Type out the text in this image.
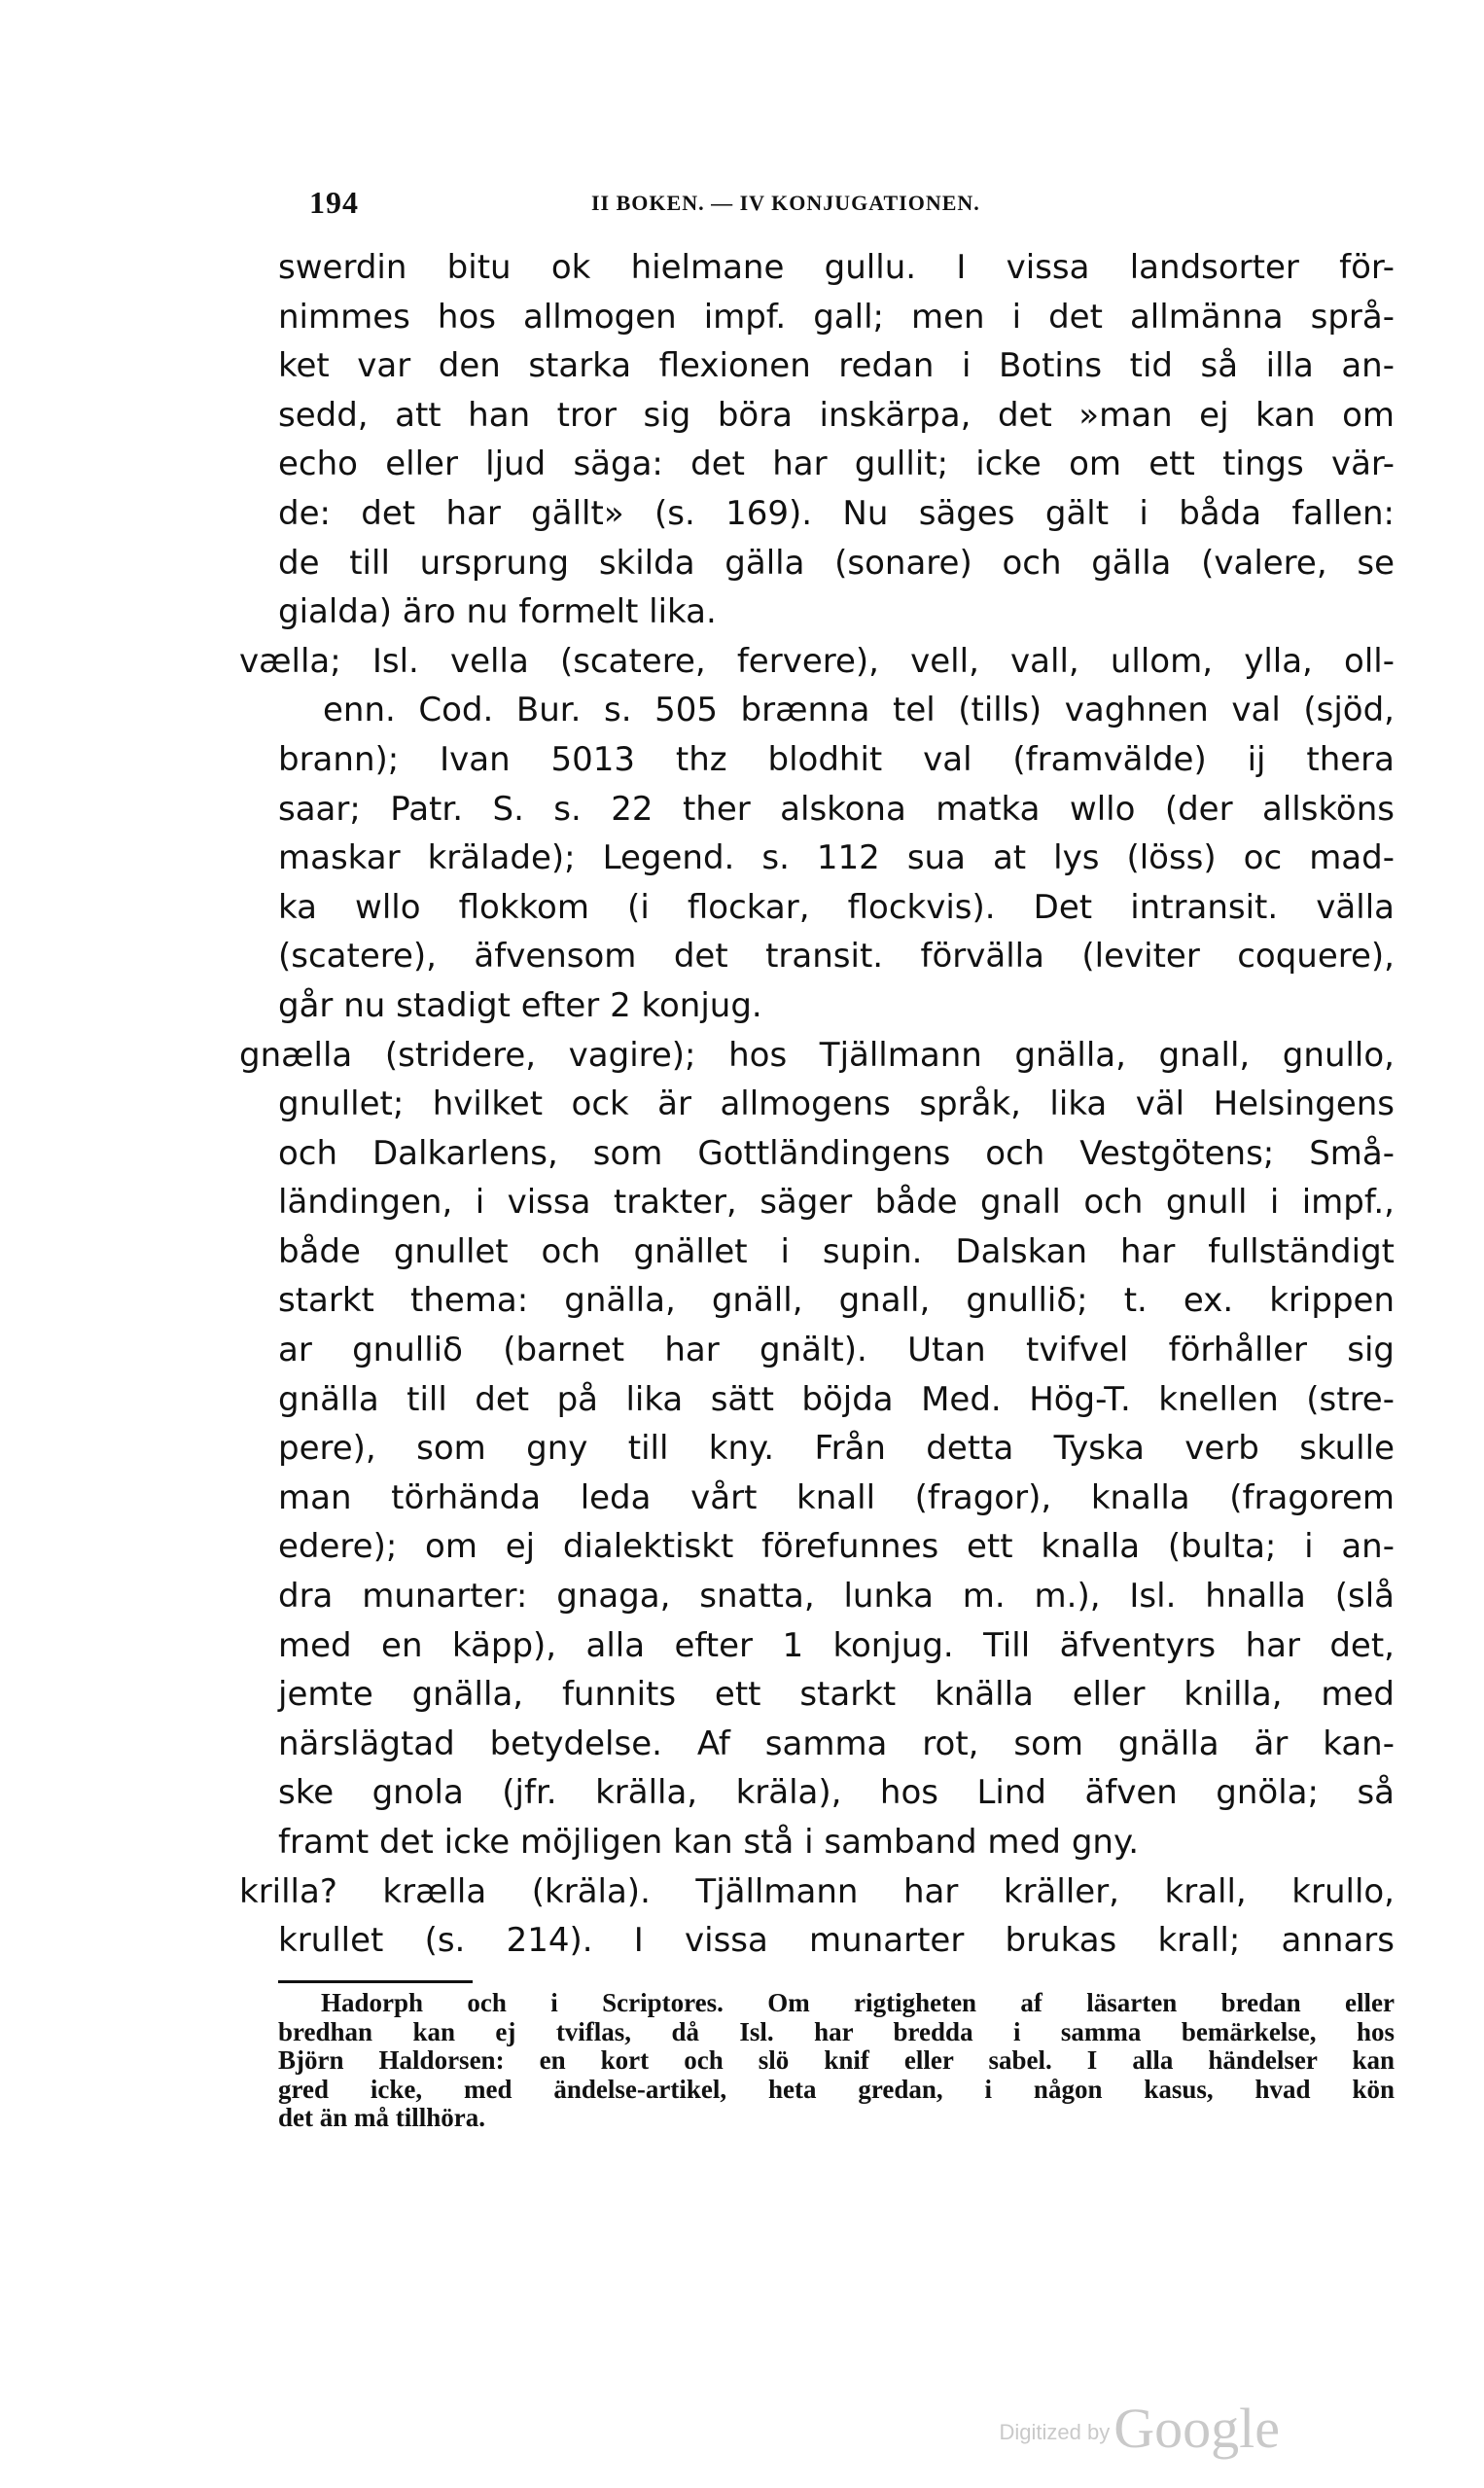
194	II BOKEN. — IV KONJUGATIONEN.
swerdin bitu ok hielmane gullu. I vissa landsorter för-
nimmes hos allmogen impf. gall; men i det allmänna språ-
ket var den starka flexionen redan i Botins tid så illa an-
sedd, att han tror sig böra inskärpa, det »man ej kan om
echo eller ljud säga: det har gullit; icke om ett tings vär-
de: det har gällt» (s. 169). Nu säges gält i båda fallen:
de till ursprung skilda gälla (sonare) och gälla (valere, se
gialda) äro nu formelt lika.
vælla; Isl. vella (scatere, fervere), vell, vall, ullom, ylla, oll-
enn. Cod. Bur. s. 505 brænna tel (tills) vaghnen val (sjöd,
brann); Ivan 5013 thz blodhit val (framvälde) ij thera
saar; Patr. S. s. 22 ther alskona matka wllo (der allsköns
maskar krälade); Legend. s. 112 sua at lys (löss) oc mad-
ka wllo flokkom (i flockar, flockvis). Det intransit. välla
(scatere), äfvensom det transit. förvälla (leviter coquere),
går nu stadigt efter 2 konjug.
gnælla (stridere, vagire); hos Tjällmann gnälla, gnall, gnullo,
gnullet; hvilket ock är allmogens språk, lika väl Helsingens
och Dalkarlens, som Gottländingens och Vestgötens; Små-
ländingen, i vissa trakter, säger både gnall och gnull i impf.,
både gnullet och gnället i supin. Dalskan har fullständigt
starkt thema: gnälla, gnäll, gnall, gnulliδ; t. ex. krippen
ar gnulliδ (barnet har gnält). Utan tvifvel förhåller sig
gnälla till det på lika sätt böjda Med. Hög-T. knellen (stre-
pere), som gny till kny. Från detta Tyska verb skulle
man törhända leda vårt knall (fragor), knalla (fragorem
edere); om ej dialektiskt förefunnes ett knalla (bulta; i an-
dra munarter: gnaga, snatta, lunka m. m.), Isl. hnalla (slå
med en käpp), alla efter 1 konjug. Till äfventyrs har det,
jemte gnälla, funnits ett starkt knälla eller knilla, med
närslägtad betydelse. Af samma rot, som gnälla är kan-
ske gnola (jfr. krälla, kräla), hos Lind äfven gnöla; så
framt det icke möjligen kan stå i samband med gny.
krilla? krælla (kräla). Tjällmann har kräller, krall, krullo,
krullet (s. 214). I vissa munarter brukas krall; annars
Hadorph och i Scriptores. Om rigtigheten af läsarten bredan eller
bredhan kan ej tviflas, då Isl. har bredda i samma bemärkelse, hos
Björn Haldorsen: en kort och slö knif eller sabel. I alla händelser kan
gred icke, med ändelse-artikel, heta gredan, i någon kasus, hvad kön
det än må tillhöra.
Digitized by Google
